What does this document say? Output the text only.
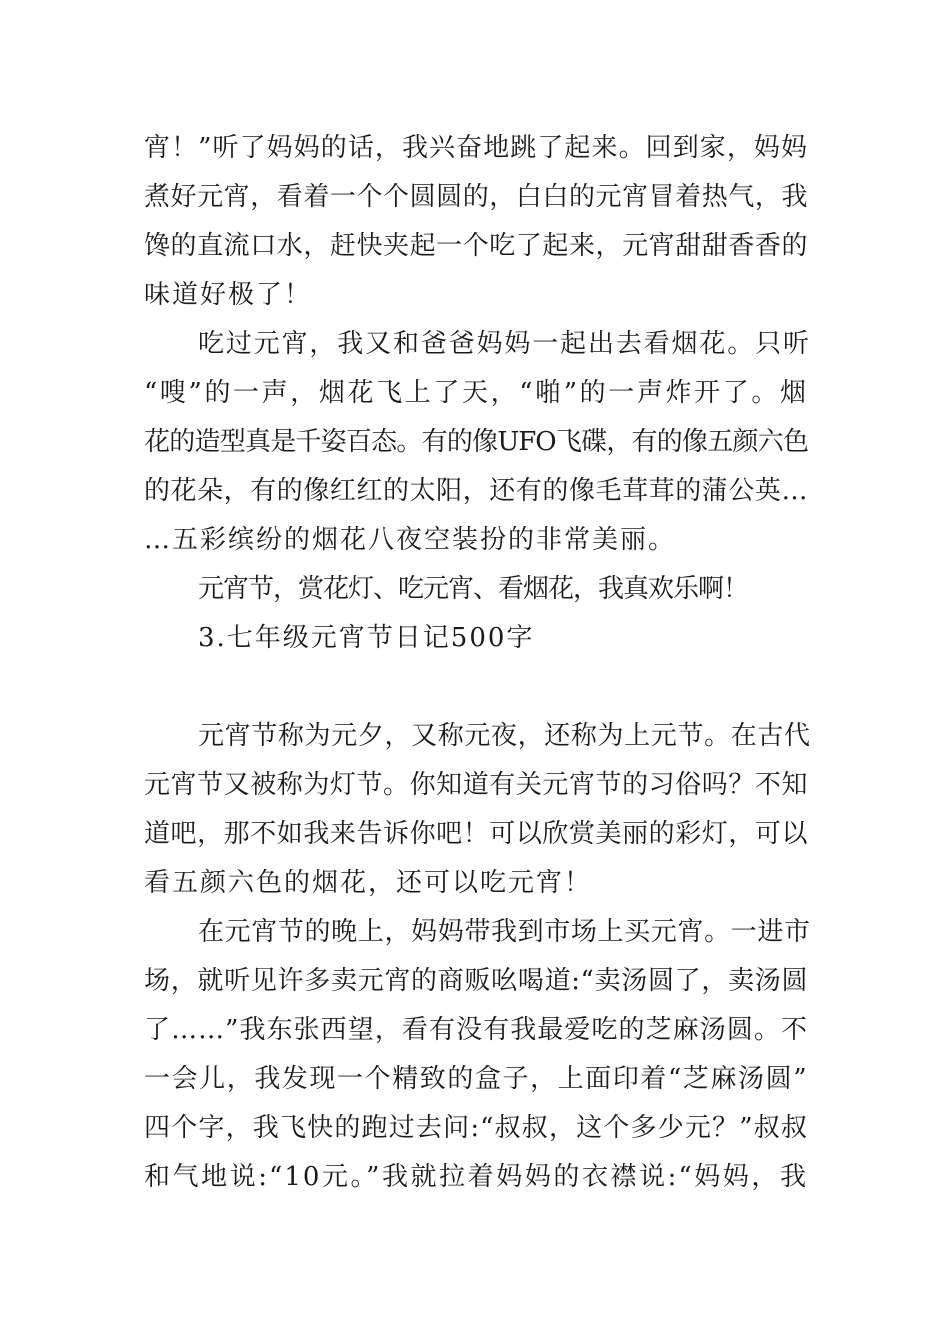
宵！”听了妈妈的话，我兴奋地跳了起来。回到家，妈妈
煮好元宵，看着一个个圆圆的，白白的元宵冒着热气，我
馋的直流口水，赶快夹起一个吃了起来，元宵甜甜香香的
味道好极了！
吃过元宵，我又和爸爸妈妈一起出去看烟花。只听
“嗖”的一声，烟花飞上了天，“啪”的一声炸开了。烟
花的造型真是千姿百态。有的像UFO飞碟，有的像五颜六色
的花朵，有的像红红的太阳，还有的像毛茸茸的蒲公英…
…五彩缤纷的烟花八夜空装扮的非常美丽。
元宵节，赏花灯、吃元宵、看烟花，我真欢乐啊！
3.七年级元宵节日记500字
元宵节称为元夕，又称元夜，还称为上元节。在古代
元宵节又被称为灯节。你知道有关元宵节的习俗吗？不知
道吧，那不如我来告诉你吧！可以欣赏美丽的彩灯，可以
看五颜六色的烟花，还可以吃元宵！
在元宵节的晚上，妈妈带我到市场上买元宵。一进市
场，就听见许多卖元宵的商贩吆喝道:“卖汤圆了，卖汤圆
了……”我东张西望，看有没有我最爱吃的芝麻汤圆。不
一会儿，我发现一个精致的盒子，上面印着“芝麻汤圆”
四个字，我飞快的跑过去问:“叔叔，这个多少元？”叔叔
和气地说:“10元。”我就拉着妈妈的衣襟说:“妈妈，我
